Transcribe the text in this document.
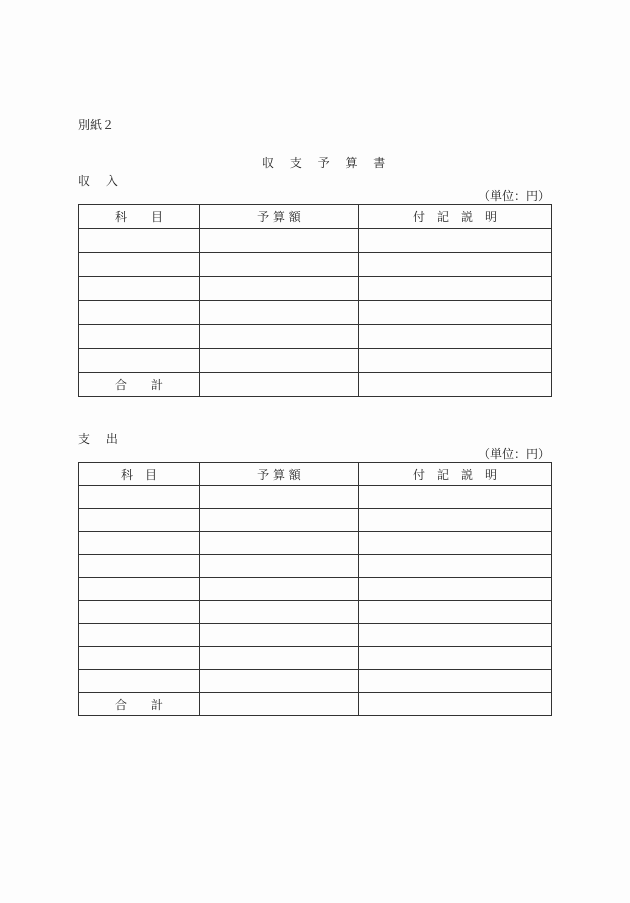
別紙２
収 支 予 算 書
収 入
（単位：円）
科　　目	予 算 額	付　記　説　明

合　　計		
支 出
（単位：円）
科　目	予 算 額	付　記　説　明

合　　計		
